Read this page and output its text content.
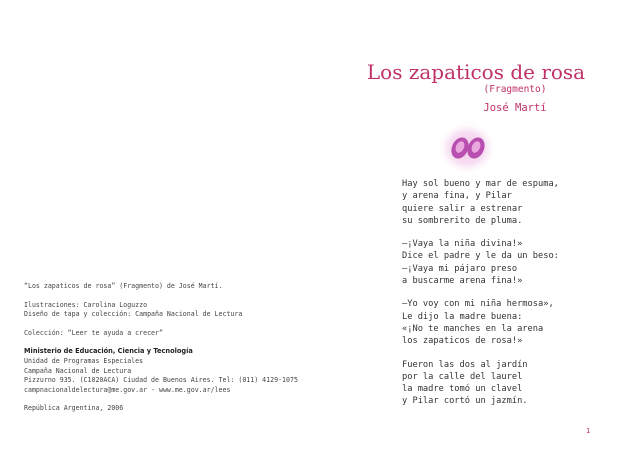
Los zapaticos de rosa
(Fragmento)
José Martí
Hay sol bueno y mar de espuma,
y arena fina, y Pilar
quiere salir a estrenar
su sombrerito de pluma.
–¡Vaya la niña divina!»
Dice el padre y le da un beso:
–¡Vaya mi pájaro preso
a buscarme arena fina!»
–Yo voy con mi niña hermosa»,
Le dijo la madre buena:
«¡No te manches en la arena
los zapaticos de rosa!»
Fueron las dos al jardín
por la calle del laurel
la madre tomó un clavel
y Pilar cortó un jazmín.
“Los zapaticos de rosa” (Fragmento) de José Martí.
Ilustraciones: Carolina Loguzzo
Diseño de tapa y colección: Campaña Nacional de Lectura
Colección: “Leer te ayuda a crecer”
Ministerio de Educación, Ciencia y Tecnología
Unidad de Programas Especiales
Campaña Nacional de Lectura
Pizzurno 935. (C1020ACA) Ciudad de Buenos Aires. Tel: (011) 4129-1075
campnacionaldelectura@me.gov.ar - www.me.gov.ar/lees
República Argentina, 2006
1
